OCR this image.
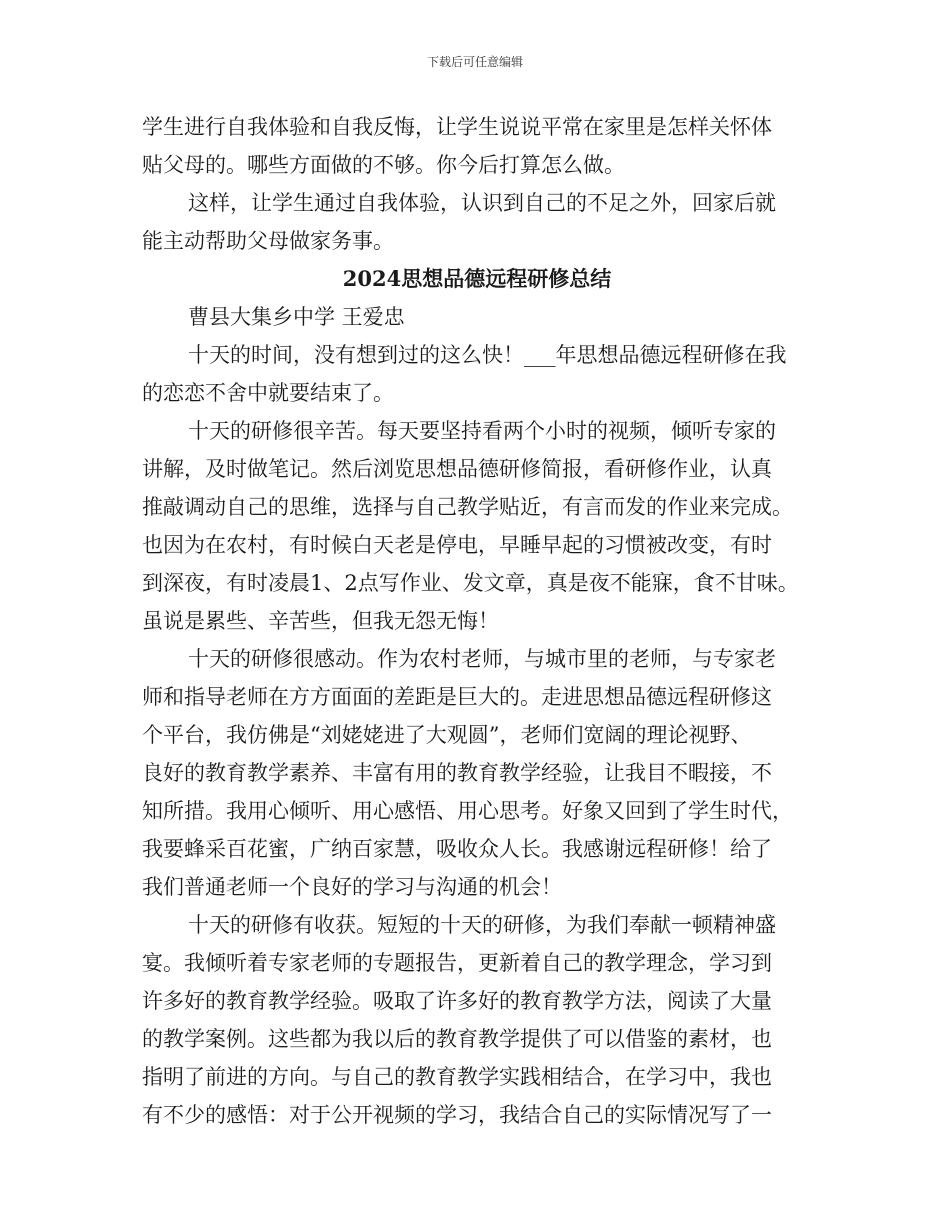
下载后可任意编辑
学生进行自我体验和自我反悔，让学生说说平常在家里是怎样关怀体
贴父母的。哪些方面做的不够。你今后打算怎么做。
这样，让学生通过自我体验，认识到自己的不足之外，回家后就
能主动帮助父母做家务事。
2024思想品德远程研修总结
曹县大集乡中学 王爱忠
十天的时间，没有想到过的这么快！___年思想品德远程研修在我
的恋恋不舍中就要结束了。
十天的研修很辛苦。每天要坚持看两个小时的视频，倾听专家的
讲解，及时做笔记。然后浏览思想品德研修简报，看研修作业，认真
推敲调动自己的思维，选择与自己教学贴近，有言而发的作业来完成。
也因为在农村，有时候白天老是停电，早睡早起的习惯被改变，有时
到深夜，有时凌晨1、2点写作业、发文章，真是夜不能寐，食不甘味。
虽说是累些、辛苦些，但我无怨无悔！
十天的研修很感动。作为农村老师，与城市里的老师，与专家老
师和指导老师在方方面面的差距是巨大的。走进思想品德远程研修这
个平台，我仿佛是“刘姥姥进了大观圆”，老师们宽阔的理论视野、
良好的教育教学素养、丰富有用的教育教学经验，让我目不暇接，不
知所措。我用心倾听、用心感悟、用心思考。好象又回到了学生时代，
我要蜂采百花蜜，广纳百家慧，吸收众人长。我感谢远程研修！给了
我们普通老师一个良好的学习与沟通的机会！
十天的研修有收获。短短的十天的研修，为我们奉献一顿精神盛
宴。我倾听着专家老师的专题报告，更新着自己的教学理念，学习到
许多好的教育教学经验。吸取了许多好的教育教学方法，阅读了大量
的教学案例。这些都为我以后的教育教学提供了可以借鉴的素材，也
指明了前进的方向。与自己的教育教学实践相结合，在学习中，我也
有不少的感悟：对于公开视频的学习，我结合自己的实际情况写了一
